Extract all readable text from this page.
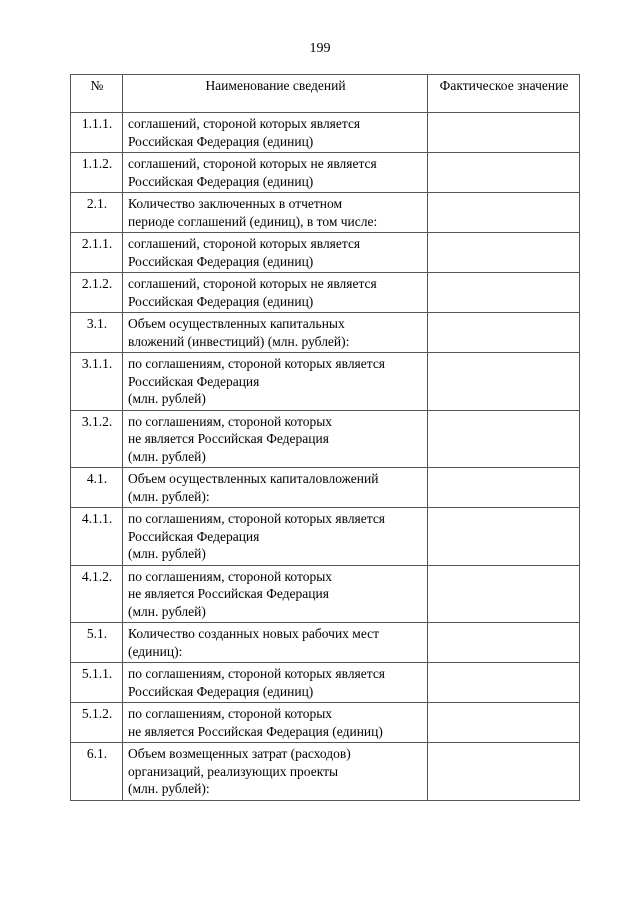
199
№	Наименование сведений	Фактическое значение
1.1.1.	соглашений, стороной которых является
Российская Федерация (единиц)	
1.1.2.	соглашений, стороной которых не является
Российская Федерация (единиц)	
2.1.	Количество заключенных в отчетном
периоде соглашений (единиц), в том числе:	
2.1.1.	соглашений, стороной которых является
Российская Федерация (единиц)	
2.1.2.	соглашений, стороной которых не является
Российская Федерация (единиц)	
3.1.	Объем осуществленных капитальных
вложений (инвестиций) (млн. рублей):	
3.1.1.	по соглашениям, стороной которых является
Российская Федерация
(млн. рублей)	
3.1.2.	по соглашениям, стороной которых
не является Российская Федерация
(млн. рублей)	
4.1.	Объем осуществленных капиталовложений
(млн. рублей):	
4.1.1.	по соглашениям, стороной которых является
Российская Федерация
(млн. рублей)	
4.1.2.	по соглашениям, стороной которых
не является Российская Федерация
(млн. рублей)	
5.1.	Количество созданных новых рабочих мест
(единиц):	
5.1.1.	по соглашениям, стороной которых является
Российская Федерация (единиц)	
5.1.2.	по соглашениям, стороной которых
не является Российская Федерация (единиц)	
6.1.	Объем возмещенных затрат (расходов)
организаций, реализующих проекты
(млн. рублей):	
